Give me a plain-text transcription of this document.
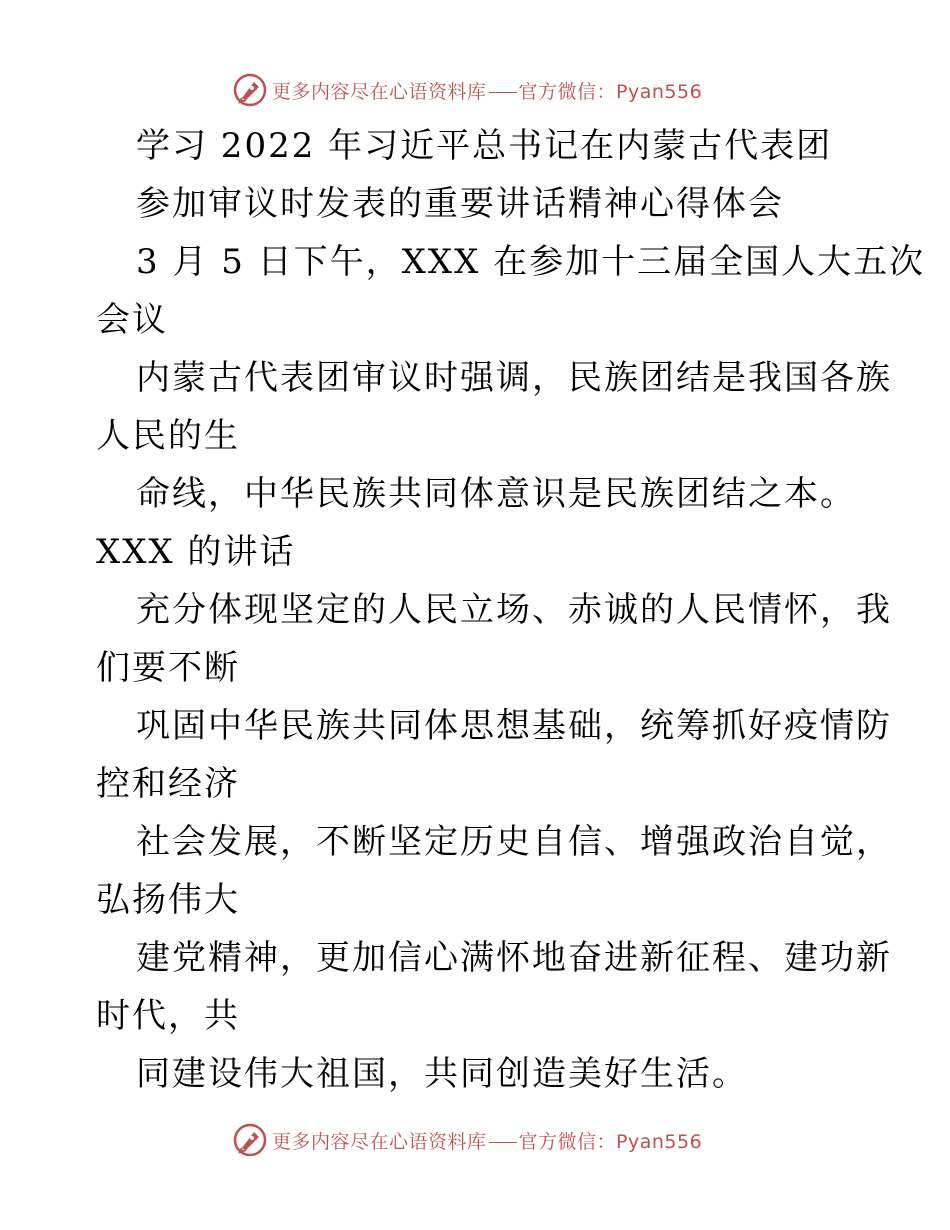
更多内容尽在心语资料库 官方微信：Pyan556
学习 2022 年习近平总书记在内蒙古代表团
参加审议时发表的重要讲话精神心得体会
3 月 5 日下午，XXX 在参加十三届全国人大五次
会议
内蒙古代表团审议时强调，民族团结是我国各族
人民的生
命线，中华民族共同体意识是民族团结之本。
XXX 的讲话
充分体现坚定的人民立场、赤诚的人民情怀，我
们要不断
巩固中华民族共同体思想基础，统筹抓好疫情防
控和经济
社会发展，不断坚定历史自信、增强政治自觉，
弘扬伟大
建党精神，更加信心满怀地奋进新征程、建功新
时代，共
同建设伟大祖国，共同创造美好生活。
更多内容尽在心语资料库 官方微信：Pyan556
